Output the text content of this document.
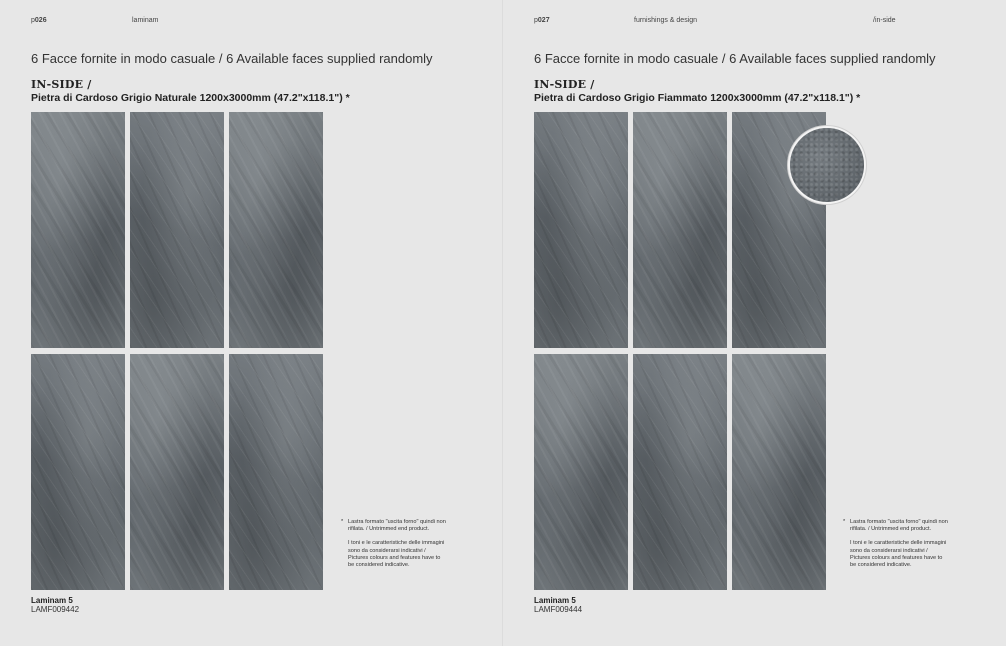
p026	laminam
6 Facce fornite in modo casuale / 6 Available faces supplied randomly
IN-SIDE /
Pietra di Cardoso Grigio Naturale 1200x3000mm (47.2"x118.1") *
* Lastra formato "uscita forno" quindi non rifilata. / Untrimmed end product.

I toni e le caratteristiche delle immagini sono da considerarsi indicativi / Pictures colours and features have to be considered indicative.

Laminam 5
LAMF009442
p027	furnishings & design	/in-side
6 Facce fornite in modo casuale / 6 Available faces supplied randomly
IN-SIDE /
Pietra di Cardoso Grigio Fiammato 1200x3000mm (47.2"x118.1") *
* Lastra formato "uscita forno" quindi non rifilata. / Untrimmed end product.

I toni e le caratteristiche delle immagini sono da considerarsi indicativi / Pictures colours and features have to be considered indicative.

Laminam 5
LAMF009444
